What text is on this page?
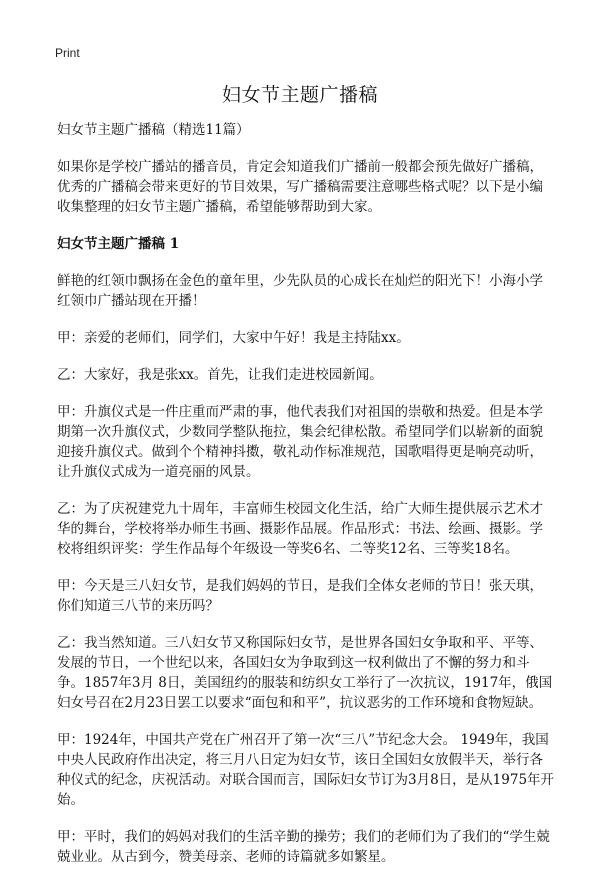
Print
妇女节主题广播稿

妇女节主题广播稿（精选11篇）

如果你是学校广播站的播音员，肯定会知道我们广播前一般都会预先做好广播稿，优秀的广播稿会带来更好的节目效果，写广播稿需要注意哪些格式呢？以下是小编收集整理的妇女节主题广播稿，希望能够帮助到大家。

妇女节主题广播稿 1

鲜艳的红领巾飘扬在金色的童年里，少先队员的心成长在灿烂的阳光下！小海小学红领巾广播站现在开播！

甲：亲爱的老师们，同学们，大家中午好！我是主持陆xx。

乙：大家好，我是张xx。首先，让我们走进校园新闻。

甲：升旗仪式是一件庄重而严肃的事，他代表我们对祖国的崇敬和热爱。但是本学期第一次升旗仪式，少数同学整队拖拉，集会纪律松散。希望同学们以崭新的面貌迎接升旗仪式。做到个个精神抖擞，敬礼动作标准规范，国歌唱得更是响亮动听，让升旗仪式成为一道亮丽的风景。

乙：为了庆祝建党九十周年，丰富师生校园文化生活，给广大师生提供展示艺术才华的舞台，学校将举办师生书画、摄影作品展。作品形式：书法、绘画、摄影。学校将组织评奖：学生作品每个年级设一等奖6名、二等奖12名、三等奖18名。

甲：今天是三八妇女节，是我们妈妈的节日，是我们全体女老师的节日！张天琪，你们知道三八节的来历吗？

乙：我当然知道。三八妇女节又称国际妇女节，是世界各国妇女争取和平、平等、发展的节日，一个世纪以来，各国妇女为争取到这一权利做出了不懈的努力和斗争。1857年3月 8日，美国纽约的服装和纺织女工举行了一次抗议，1917年，俄国妇女号召在2月23日罢工以要求“面包和和平”，抗议恶劣的工作环境和食物短缺。

甲：1924年，中国共产党在广州召开了第一次“三八”节纪念大会。 1949年，我国中央人民政府作出决定，将三月八日定为妇女节，该日全国妇女放假半天，举行各种仪式的纪念，庆祝活动。对联合国而言，国际妇女节订为3月8日，是从1975年开始。

甲：平时，我们的妈妈对我们的生活辛勤的操劳；我们的老师们为了我们的“学生兢兢业业。从古到今，赞美母亲、老师的诗篇就多如繁星。
